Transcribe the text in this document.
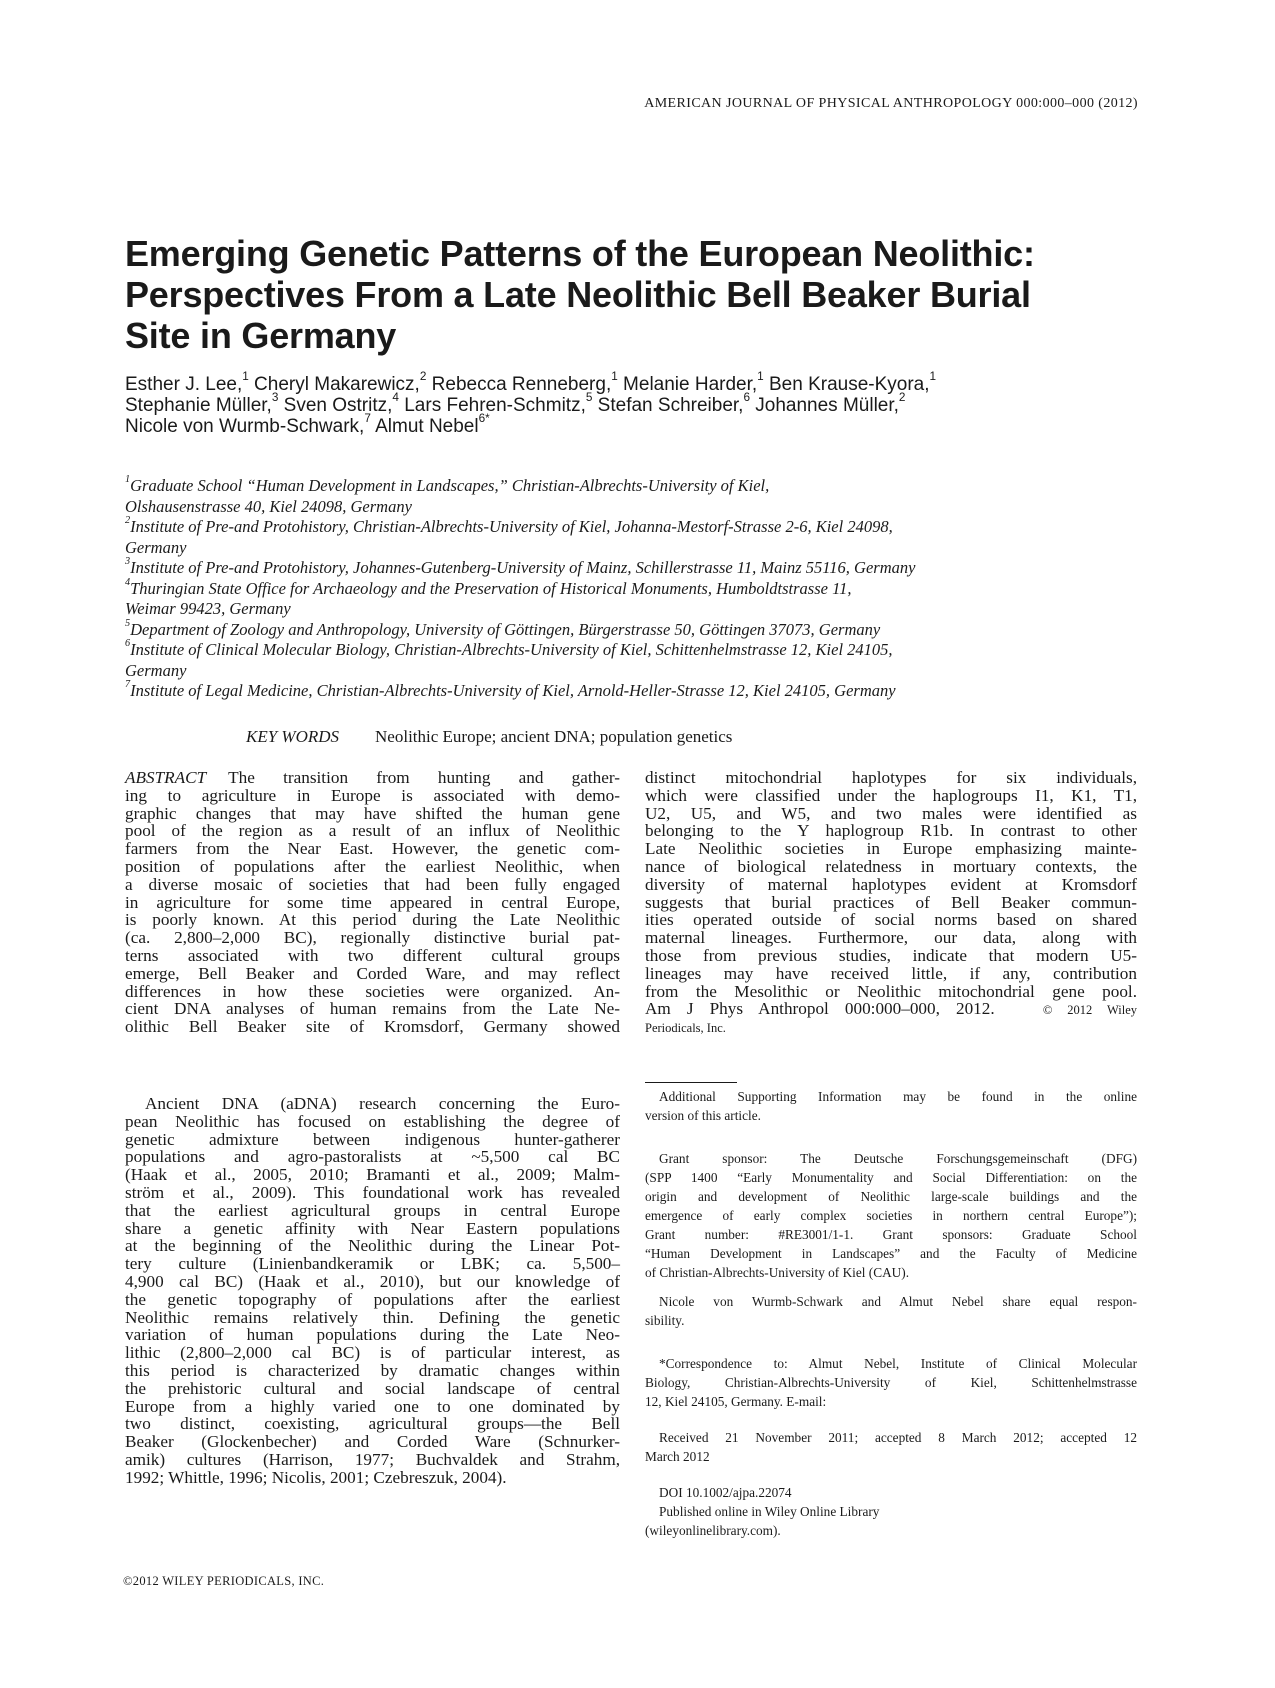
AMERICAN JOURNAL OF PHYSICAL ANTHROPOLOGY 000:000–000 (2012)
Emerging Genetic Patterns of the European Neolithic:
Perspectives From a Late Neolithic Bell Beaker Burial
Site in Germany
Esther J. Lee,$^1$ Cheryl Makarewicz,$^2$ Rebecca Renneberg,$^1$ Melanie Harder,$^1$ Ben Krause-Kyora,$^1$
Stephanie Müller,$^3$ Sven Ostritz,$^4$ Lars Fehren-Schmitz,$^5$ Stefan Schreiber,$^6$ Johannes Müller,$^2$
Nicole von Wurmb-Schwark,$^7$ Almut Nebel$^{6*}$
$^1$Graduate School “Human Development in Landscapes,” Christian-Albrechts-University of Kiel,
Olshausenstrasse 40, Kiel 24098, Germany
$^2$Institute of Pre-and Protohistory, Christian-Albrechts-University of Kiel, Johanna-Mestorf-Strasse 2-6, Kiel 24098,
Germany
$^3$Institute of Pre-and Protohistory, Johannes-Gutenberg-University of Mainz, Schillerstrasse 11, Mainz 55116, Germany
$^4$Thuringian State Office for Archaeology and the Preservation of Historical Monuments, Humboldtstrasse 11,
Weimar 99423, Germany
$^5$Department of Zoology and Anthropology, University of Göttingen, Bürgerstrasse 50, Göttingen 37073, Germany
$^6$Institute of Clinical Molecular Biology, Christian-Albrechts-University of Kiel, Schittenhelmstrasse 12, Kiel 24105,
Germany
$^7$Institute of Legal Medicine, Christian-Albrechts-University of Kiel, Arnold-Heller-Strasse 12, Kiel 24105, Germany
KEY WORDS Neolithic Europe; ancient DNA; population genetics
ABSTRACT The transition from hunting and gather-
ing to agriculture in Europe is associated with demo-
graphic changes that may have shifted the human gene
pool of the region as a result of an influx of Neolithic
farmers from the Near East. However, the genetic com-
position of populations after the earliest Neolithic, when
a diverse mosaic of societies that had been fully engaged
in agriculture for some time appeared in central Europe,
is poorly known. At this period during the Late Neolithic
(ca. 2,800–2,000 BC), regionally distinctive burial pat-
terns associated with two different cultural groups
emerge, Bell Beaker and Corded Ware, and may reflect
differences in how these societies were organized. An-
cient DNA analyses of human remains from the Late Ne-
olithic Bell Beaker site of Kromsdorf, Germany showed
distinct mitochondrial haplotypes for six individuals,
which were classified under the haplogroups I1, K1, T1,
U2, U5, and W5, and two males were identified as
belonging to the Y haplogroup R1b. In contrast to other
Late Neolithic societies in Europe emphasizing mainte-
nance of biological relatedness in mortuary contexts, the
diversity of maternal haplotypes evident at Kromsdorf
suggests that burial practices of Bell Beaker commun-
ities operated outside of social norms based on shared
maternal lineages. Furthermore, our data, along with
those from previous studies, indicate that modern U5-
lineages may have received little, if any, contribution
from the Mesolithic or Neolithic mitochondrial gene pool.
Am J Phys Anthropol 000:000–000, 2012.	© 2012 Wiley
Periodicals, Inc.
Ancient DNA (aDNA) research concerning the Euro-
pean Neolithic has focused on establishing the degree of
genetic admixture between indigenous hunter-gatherer
populations and agro-pastoralists at ~5,500 cal BC
(Haak et al., 2005, 2010; Bramanti et al., 2009; Malm-
ström et al., 2009). This foundational work has revealed
that the earliest agricultural groups in central Europe
share a genetic affinity with Near Eastern populations
at the beginning of the Neolithic during the Linear Pot-
tery culture (Linienbandkeramik or LBK; ca. 5,500–
4,900 cal BC) (Haak et al., 2010), but our knowledge of
the genetic topography of populations after the earliest
Neolithic remains relatively thin. Defining the genetic
variation of human populations during the Late Neo-
lithic (2,800–2,000 cal BC) is of particular interest, as
this period is characterized by dramatic changes within
the prehistoric cultural and social landscape of central
Europe from a highly varied one to one dominated by
two distinct, coexisting, agricultural groups—the Bell
Beaker (Glockenbecher) and Corded Ware (Schnurker-
amik) cultures (Harrison, 1977; Buchvaldek and Strahm,
1992; Whittle, 1996; Nicolis, 2001; Czebreszuk, 2004).
Additional Supporting Information may be found in the online
version of this article.
Grant sponsor: The Deutsche Forschungsgemeinschaft (DFG)
(SPP 1400 “Early Monumentality and Social Differentiation: on the
origin and development of Neolithic large-scale buildings and the
emergence of early complex societies in northern central Europe”);
Grant number: #RE3001/1-1. Grant sponsors: Graduate School
“Human Development in Landscapes” and the Faculty of Medicine
of Christian-Albrechts-University of Kiel (CAU).
Nicole von Wurmb-Schwark and Almut Nebel share equal respon-
sibility.
*Correspondence to: Almut Nebel, Institute of Clinical Molecular
Biology, Christian-Albrechts-University of Kiel, Schittenhelmstrasse
12, Kiel 24105, Germany. E-mail:
Received 21 November 2011; accepted 8 March 2012; accepted 12
March 2012
DOI 10.1002/ajpa.22074
Published online in Wiley Online Library
(wileyonlinelibrary.com).
©2012 WILEY PERIODICALS, INC.
